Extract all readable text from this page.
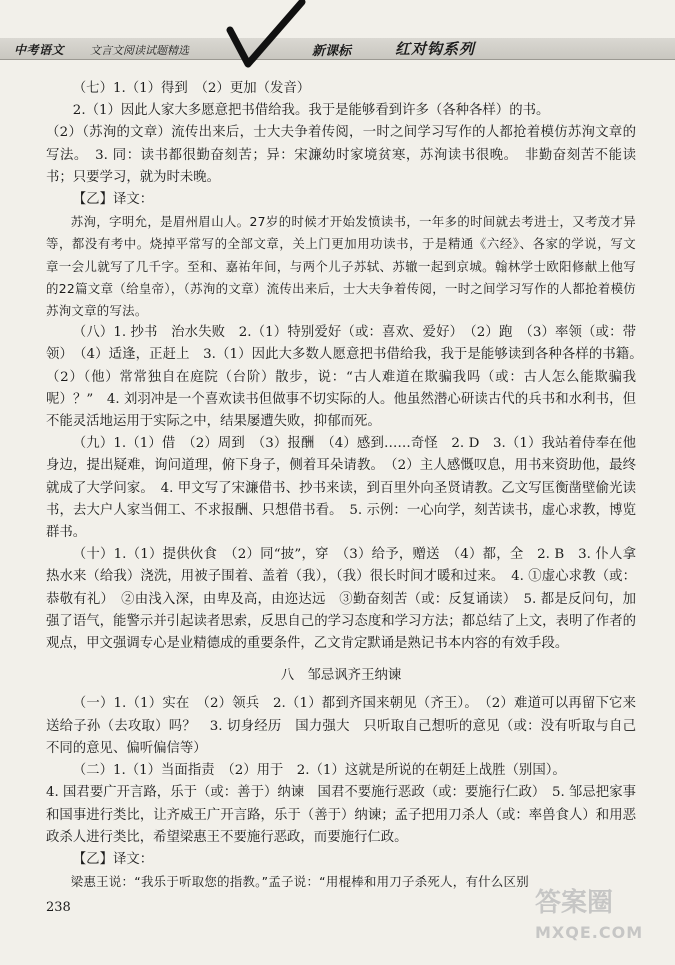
中考语文 文言文阅读试题精选	新课标	红对钩系列

（七）1.（1）得到　（2）更加（发音）

2.（1）因此人家大多愿意把书借给我。我于是能够看到许多（各种各样）的书。

（2）（苏洵的文章）流传出来后，士大夫争着传阅，一时之间学习写作的人都抢着模仿苏洵文章的写法。　3. 同：读书都很勤奋刻苦；异：宋濂幼时家境贫寒，苏洵读书很晚。　非勤奋刻苦不能读书；只要学习，就为时未晚。

【乙】译文：

苏洵，字明允，是眉州眉山人。27岁的时候才开始发愤读书，一年多的时间就去考进士，又考茂才异等，都没有考中。烧掉平常写的全部文章，关上门更加用功读书，于是精通《六经》、各家的学说，写文章一会儿就写了几千字。至和、嘉祐年间，与两个儿子苏轼、苏辙一起到京城。翰林学士欧阳修献上他写的22篇文章（给皇帝），（苏洵的文章）流传出来后，士大夫争着传阅，一时之间学习写作的人都抢着模仿苏洵文章的写法。

（八）1. 抄书　治水失败　2.（1）特别爱好（或：喜欢、爱好）　（2）跑　（3）率领（或：带领）　（4）适逢，正赶上　3.（1）因此大多数人愿意把书借给我，我于是能够读到各种各样的书籍。　（2）（他）常常独自在庭院（台阶）散步，说：“古人难道在欺骗我吗（或：古人怎么能欺骗我呢）？”　4. 刘羽冲是一个喜欢读书但做事不切实际的人。他虽然潜心研读古代的兵书和水利书，但不能灵活地运用于实际之中，结果屡遭失败，抑郁而死。

（九）1.（1）借　（2）周到　（3）报酬　（4）感到……奇怪　2. D　3.（1）我站着侍奉在他身边，提出疑难，询问道理，俯下身子，侧着耳朵请教。　（2）主人感慨叹息，用书来资助他，最终就成了大学问家。　4. 甲文写了宋濂借书、抄书来读，到百里外向圣贤请教。乙文写匡衡凿壁偷光读书，去大户人家当佣工、不求报酬、只想借书看。　5. 示例：一心向学，刻苦读书，虚心求教，博览群书。

（十）1.（1）提供伙食　（2）同“披”，穿　（3）给予，赠送　（4）都，全　2. B　3. 仆人拿热水来（给我）浇洗，用被子围着、盖着（我），（我）很长时间才暖和过来。　4. ①虚心求教（或：恭敬有礼）　②由浅入深，由卑及高，由迩达远　③勤奋刻苦（或：反复诵读）　5. 都是反问句，加强了语气，能警示并引起读者思索，反思自己的学习态度和学习方法；都总结了上文，表明了作者的观点，甲文强调专心是业精德成的重要条件，乙文肯定默诵是熟记书本内容的有效手段。

八　邹忌讽齐王纳谏

（一）1.（1）实在　（2）领兵　2.（1）都到齐国来朝见（齐王）。　（2）难道可以再留下它来送给子孙（去攻取）吗？　3. 切身经历　国力强大　只听取自己想听的意见（或：没有听取与自己不同的意见、偏听偏信等）

（二）1.（1）当面指责　（2）用于　2.（1）这就是所说的在朝廷上战胜（别国）。

4. 国君要广开言路，乐于（或：善于）纳谏　国君不要施行恶政（或：要施行仁政）　5. 邹忌把家事和国事进行类比，让齐威王广开言路，乐于（善于）纳谏；孟子把用刀杀人（或：率兽食人）和用恶政杀人进行类比，希望梁惠王不要施行恶政，而要施行仁政。

【乙】译文：

梁惠王说：“我乐于听取您的指教。”孟子说：“用棍棒和用刀子杀死人，有什么区别

238	答案圈
MXQE.COM
